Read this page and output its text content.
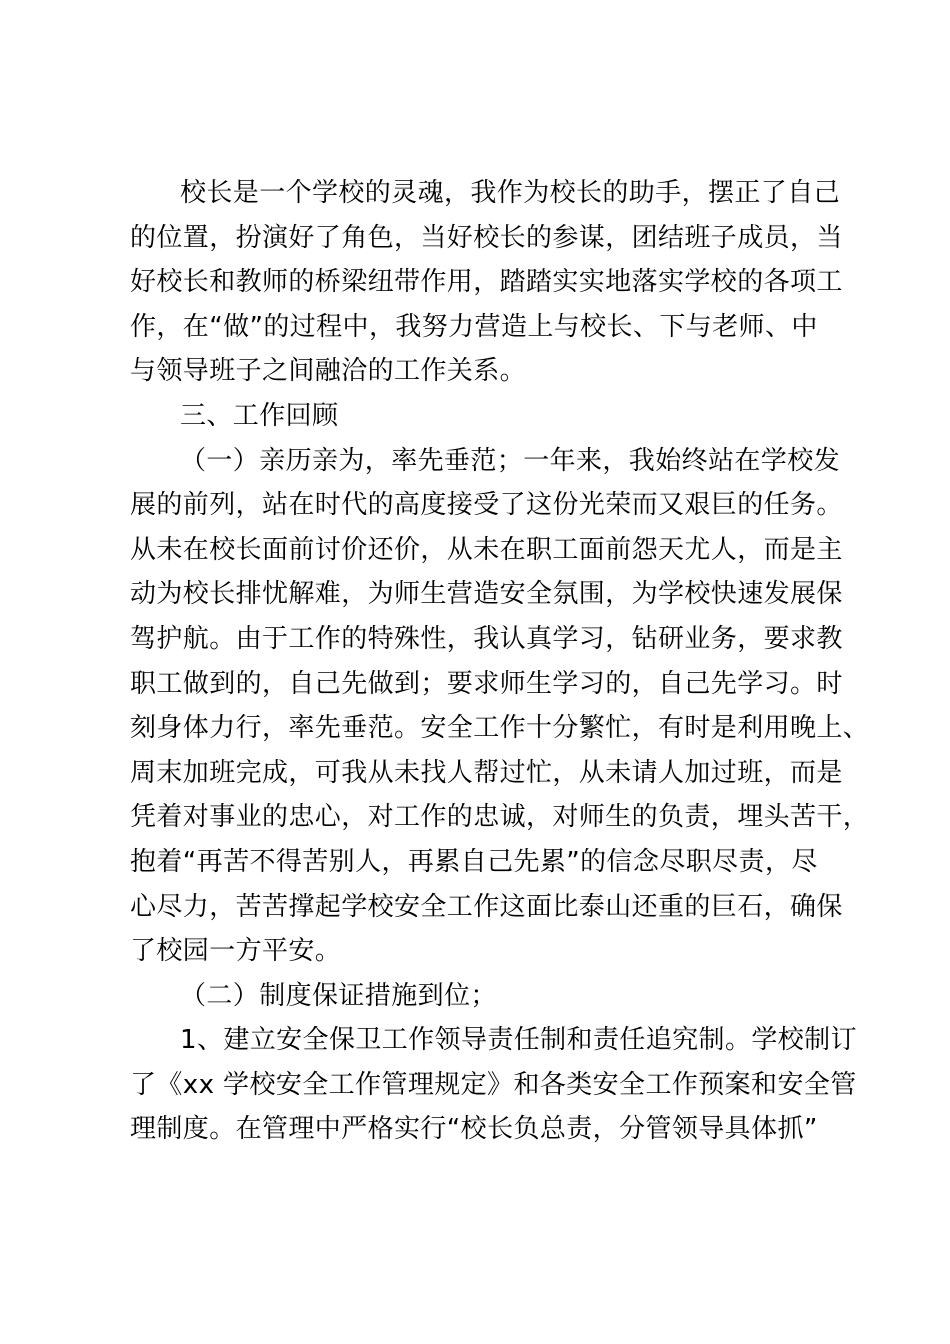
校长是一个学校的灵魂，我作为校长的助手，摆正了自己
的位置，扮演好了角色，当好校长的参谋，团结班子成员，当
好校长和教师的桥梁纽带作用，踏踏实实地落实学校的各项工
作，在“做”的过程中，我努力营造上与校长、下与老师、中
与领导班子之间融洽的工作关系。
三、工作回顾
（一）亲历亲为，率先垂范；一年来，我始终站在学校发
展的前列，站在时代的高度接受了这份光荣而又艰巨的任务。
从未在校长面前讨价还价，从未在职工面前怨天尤人，而是主
动为校长排忧解难，为师生营造安全氛围，为学校快速发展保
驾护航。由于工作的特殊性，我认真学习，钻研业务，要求教
职工做到的，自己先做到；要求师生学习的，自己先学习。时
刻身体力行，率先垂范。安全工作十分繁忙，有时是利用晚上、
周末加班完成，可我从未找人帮过忙，从未请人加过班，而是
凭着对事业的忠心，对工作的忠诚，对师生的负责，埋头苦干，
抱着“再苦不得苦别人，再累自己先累”的信念尽职尽责，尽
心尽力，苦苦撑起学校安全工作这面比泰山还重的巨石，确保
了校园一方平安。
（二）制度保证措施到位；
1、建立安全保卫工作领导责任制和责任追究制。学校制订
了《xx 学校安全工作管理规定》和各类安全工作预案和安全管
理制度。在管理中严格实行“校长负总责，分管领导具体抓”
